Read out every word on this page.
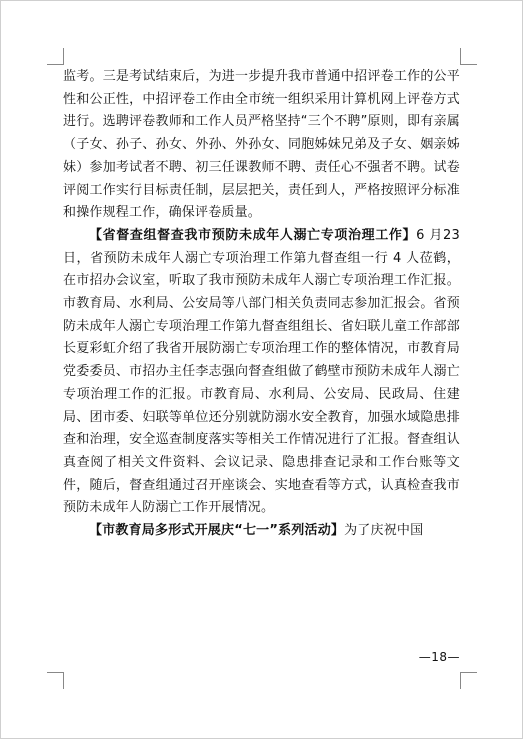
监考。三是考试结束后，为进一步提升我市普通中招评卷工作的公平性和公正性，中招评卷工作由全市统一组织采用计算机网上评卷方式进行。选聘评卷教师和工作人员严格坚持“三个不聘”原则，即有亲属（子女、孙子、孙女、外孙、外孙女、同胞姊妹兄弟及子女、姻亲姊妹）参加考试者不聘、初三任课教师不聘、责任心不强者不聘。试卷评阅工作实行目标责任制，层层把关，责任到人，严格按照评分标准和操作规程工作，确保评卷质量。

【省督查组督查我市预防未成年人溺亡专项治理工作】6 月23 日，省预防未成年人溺亡专项治理工作第九督查组一行 4 人莅鹤，在市招办会议室，听取了我市预防未成年人溺亡专项治理工作汇报。市教育局、水利局、公安局等八部门相关负责同志参加汇报会。省预防未成年人溺亡专项治理工作第九督查组组长、省妇联儿童工作部部长夏彩虹介绍了我省开展防溺亡专项治理工作的整体情况，市教育局党委委员、市招办主任李志强向督查组做了鹤壁市预防未成年人溺亡专项治理工作的汇报。市教育局、水利局、公安局、民政局、住建局、团市委、妇联等单位还分别就防溺水安全教育，加强水域隐患排查和治理，安全巡查制度落实等相关工作情况进行了汇报。督查组认真查阅了相关文件资料、会议记录、隐患排查记录和工作台账等文件，随后，督查组通过召开座谈会、实地查看等方式，认真检查我市预防未成年人防溺亡工作开展情况。

【市教育局多形式开展庆“七一”系列活动】为了庆祝中国

—18—
